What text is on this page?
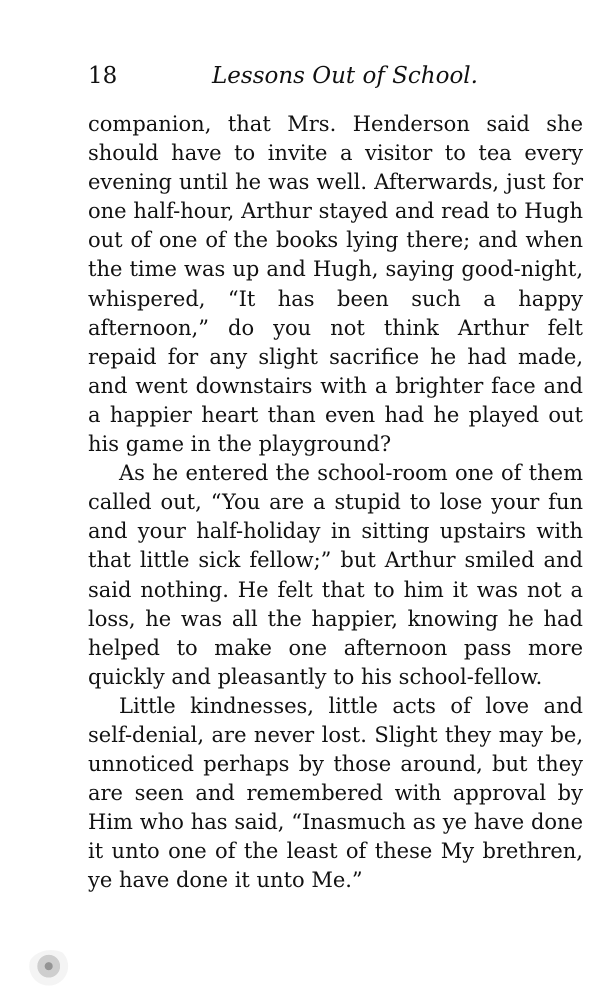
18	Lessons Out of School.

companion, that Mrs. Henderson said she should have to invite a visitor to tea every evening until he was well. Afterwards, just for one half-hour, Arthur stayed and read to Hugh out of one of the books lying there; and when the time was up and Hugh, saying good-night, whispered, “It has been such a happy afternoon,” do you not think Arthur felt repaid for any slight sacrifice he had made, and went downstairs with a brighter face and a happier heart than even had he played out his game in the playground?

As he entered the school-room one of them called out, “You are a stupid to lose your fun and your half-holiday in sitting upstairs with that little sick fellow;” but Arthur smiled and said nothing. He felt that to him it was not a loss, he was all the happier, knowing he had helped to make one afternoon pass more quickly and pleasantly to his school-fellow.

Little kindnesses, little acts of love and self-denial, are never lost. Slight they may be, unnoticed perhaps by those around, but they are seen and remembered with approval by Him who has said, “Inasmuch as ye have done it unto one of the least of these My brethren, ye have done it unto Me.”
